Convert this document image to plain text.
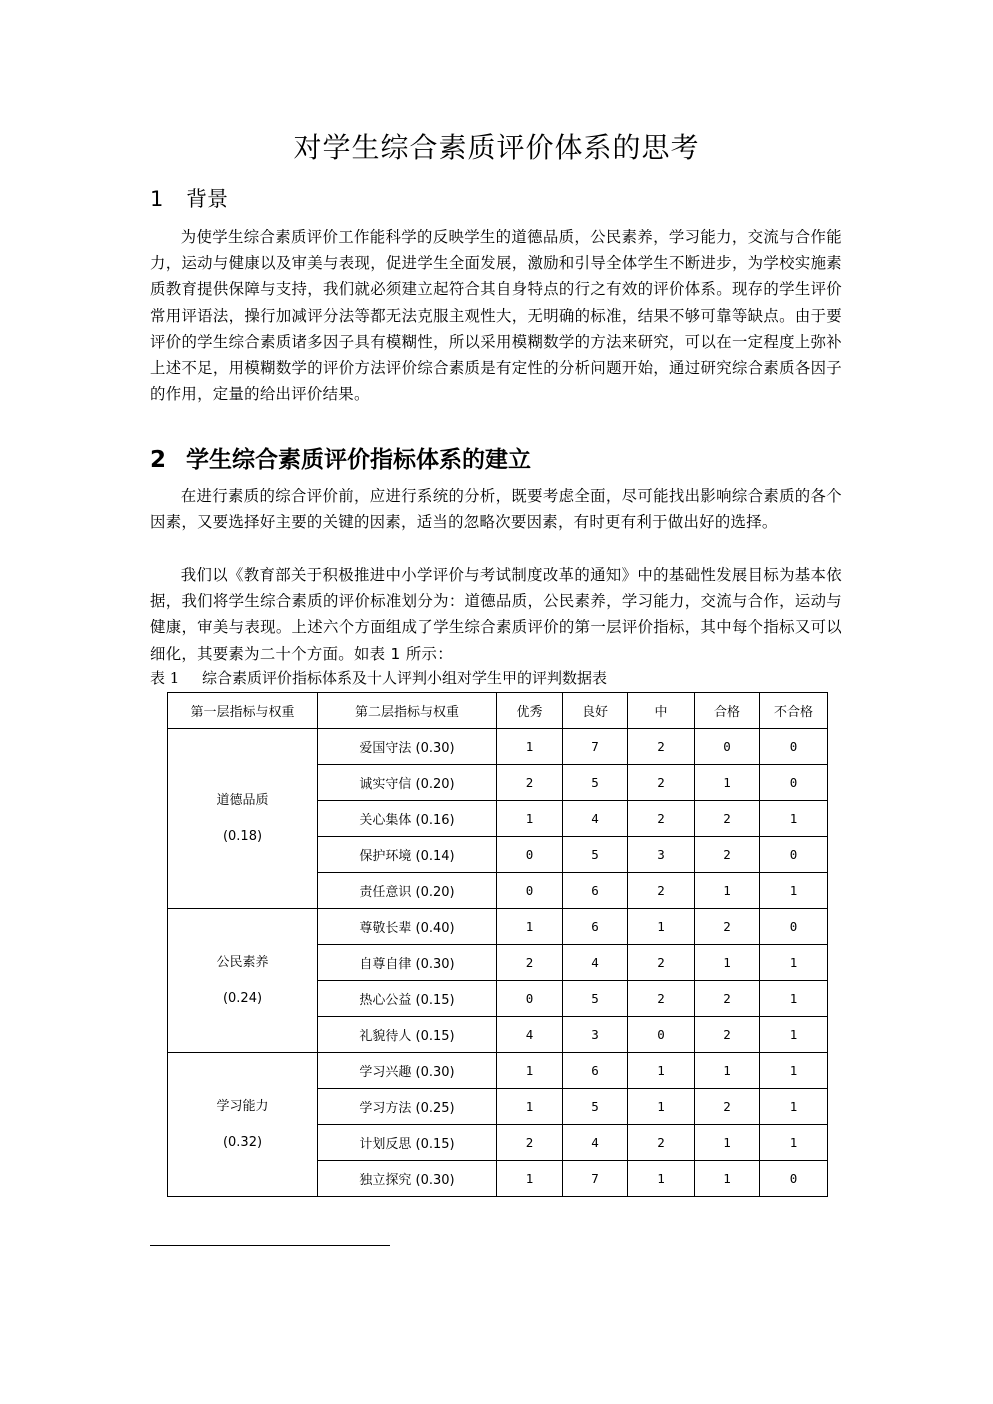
对学生综合素质评价体系的思考
1 背景

为使学生综合素质评价工作能科学的反映学生的道德品质，公民素养，学习能力，交流与合作能力，运动与健康以及审美与表现，促进学生全面发展，激励和引导全体学生不断进步，为学校实施素质教育提供保障与支持，我们就必须建立起符合其自身特点的行之有效的评价体系。现存的学生评价常用评语法，操行加减评分法等都无法克服主观性大，无明确的标准，结果不够可靠等缺点。由于要评价的学生综合素质诸多因子具有模糊性，所以采用模糊数学的方法来研究，可以在一定程度上弥补上述不足，用模糊数学的评价方法评价综合素质是有定性的分析问题开始，通过研究综合素质各因子的作用，定量的给出评价结果。

2 学生综合素质评价指标体系的建立

在进行素质的综合评价前，应进行系统的分析，既要考虑全面，尽可能找出影响综合素质的各个因素，又要选择好主要的关键的因素，适当的忽略次要因素，有时更有利于做出好的选择。

我们以《教育部关于积极推进中小学评价与考试制度改革的通知》中的基础性发展目标为基本依据，我们将学生综合素质的评价标准划分为：道德品质，公民素养，学习能力，交流与合作，运动与健康，审美与表现。上述六个方面组成了学生综合素质评价的第一层评价指标，其中每个指标又可以细化，其要素为二十个方面。如表 1 所示：

表 1 综合素质评价指标体系及十人评判小组对学生甲的评判数据表

第一层指标与权重	第二层指标与权重	优秀	良好	中	合格	不合格

道德品质
(0.18)	爱国守法 (0.30)	1	7	2	0	0
	诚实守信 (0.20)	2	5	2	1	0
	关心集体 (0.16)	1	4	2	2	1
	保护环境 (0.14)	0	5	3	2	0
	责任意识 (0.20)	0	6	2	1	1

公民素养
(0.24)	尊敬长辈 (0.40)	1	6	1	2	0
	自尊自律 (0.30)	2	4	2	1	1
	热心公益 (0.15)	0	5	2	2	1
	礼貌待人 (0.15)	4	3	0	2	1

学习能力
(0.32)	学习兴趣 (0.30)	1	6	1	1	1
	学习方法 (0.25)	1	5	1	2	1
	计划反思 (0.15)	2	4	2	1	1
	独立探究 (0.30)	1	7	1	1	0
